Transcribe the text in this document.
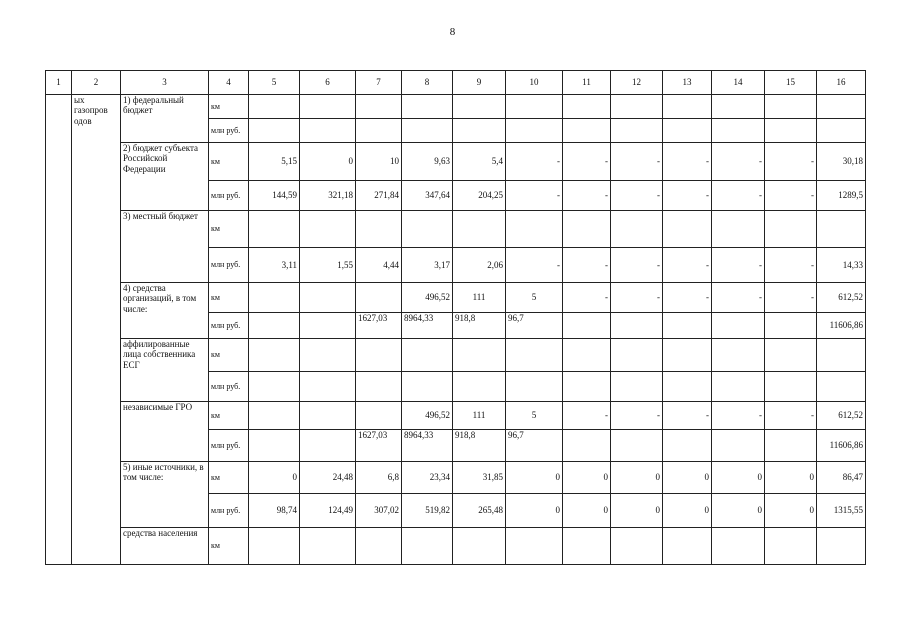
8
1	2	3	4	5	6	7	8	9	10	11	12	13	14	15	16
	ых газопров одов	1) федеральный бюджет	км												
			млн руб.												
		2) бюджет субъекта Российской Федерации	км	5,15	0	10	9,63	5,4	-	-	-	-	-	-	30,18
			млн руб.	144,59	321,18	271,84	347,64	204,25	-	-	-	-	-	-	1289,5
		3) местный бюджет	км												
			млн руб.	3,11	1,55	4,44	3,17	2,06	-	-	-	-	-	-	14,33
		4) средства организаций, в том числе:	км				496,52	111	5	-	-	-	-	-	612,52
			млн руб.			1627,03	8964,33	918,8	96,7						11606,86
		аффилированные лица собственника ЕСГ	км												
			млн руб.												
		независимые ГРО	км				496,52	111	5	-	-	-	-	-	612,52
			млн руб.			1627,03	8964,33	918,8	96,7						11606,86
		5) иные источники, в том числе:	км	0	24,48	6,8	23,34	31,85	0	0	0	0	0	0	86,47
			млн руб.	98,74	124,49	307,02	519,82	265,48	0	0	0	0	0	0	1315,55
		средства населения	км												
